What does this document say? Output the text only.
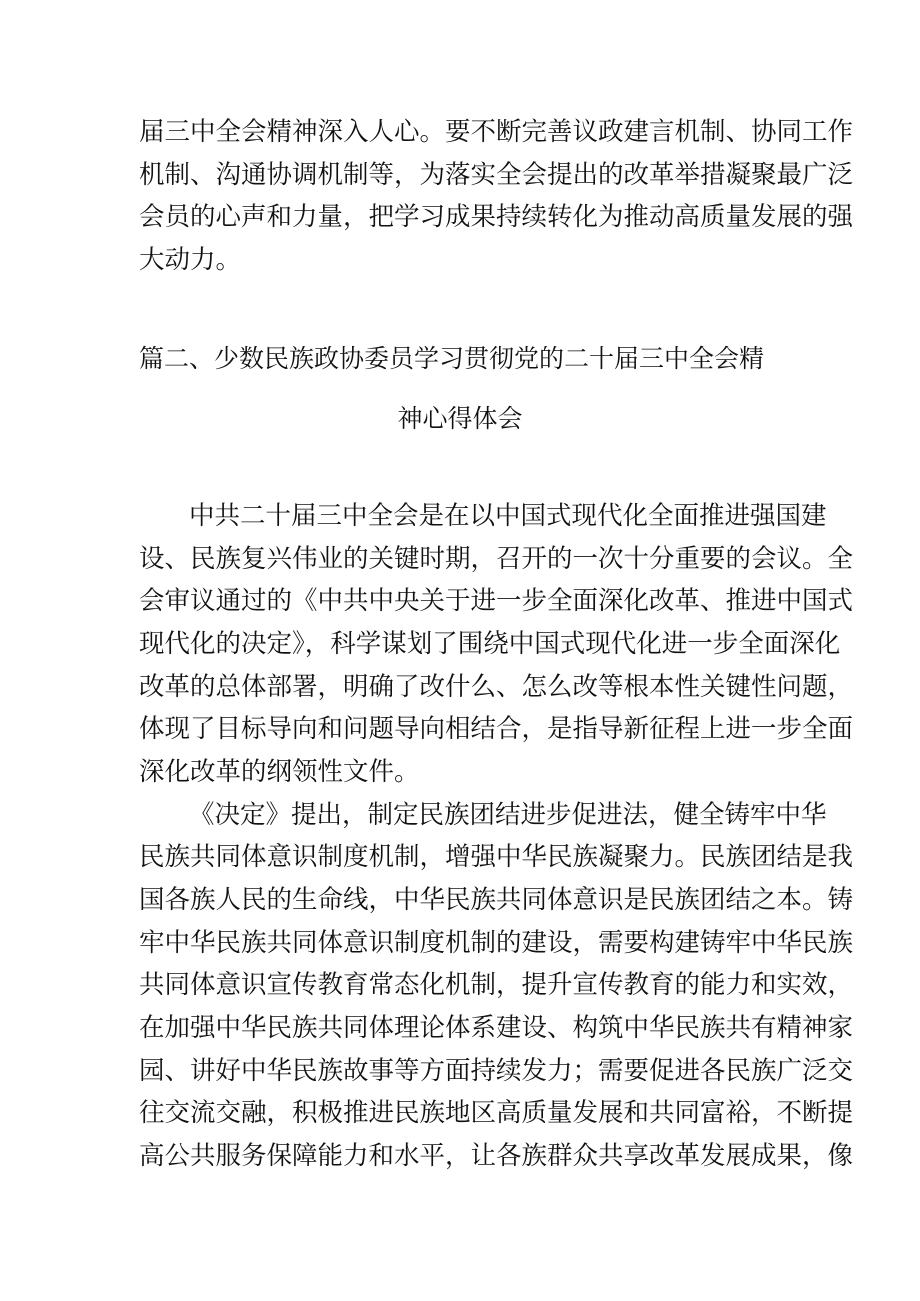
届三中全会精神深入人心。要不断完善议政建言机制、协同工作
机制、沟通协调机制等，为落实全会提出的改革举措凝聚最广泛
会员的心声和力量，把学习成果持续转化为推动高质量发展的强
大动力。
篇二、少数民族政协委员学习贯彻党的二十届三中全会精
神心得体会
中共二十届三中全会是在以中国式现代化全面推进强国建
设、民族复兴伟业的关键时期，召开的一次十分重要的会议。全
会审议通过的《中共中央关于进一步全面深化改革、推进中国式
现代化的决定》，科学谋划了围绕中国式现代化进一步全面深化
改革的总体部署，明确了改什么、怎么改等根本性关键性问题，
体现了目标导向和问题导向相结合，是指导新征程上进一步全面
深化改革的纲领性文件。
《决定》提出，制定民族团结进步促进法，健全铸牢中华
民族共同体意识制度机制，增强中华民族凝聚力。民族团结是我
国各族人民的生命线，中华民族共同体意识是民族团结之本。铸
牢中华民族共同体意识制度机制的建设，需要构建铸牢中华民族
共同体意识宣传教育常态化机制，提升宣传教育的能力和实效，
在加强中华民族共同体理论体系建设、构筑中华民族共有精神家
园、讲好中华民族故事等方面持续发力；需要促进各民族广泛交
往交流交融，积极推进民族地区高质量发展和共同富裕，不断提
高公共服务保障能力和水平，让各族群众共享改革发展成果，像
